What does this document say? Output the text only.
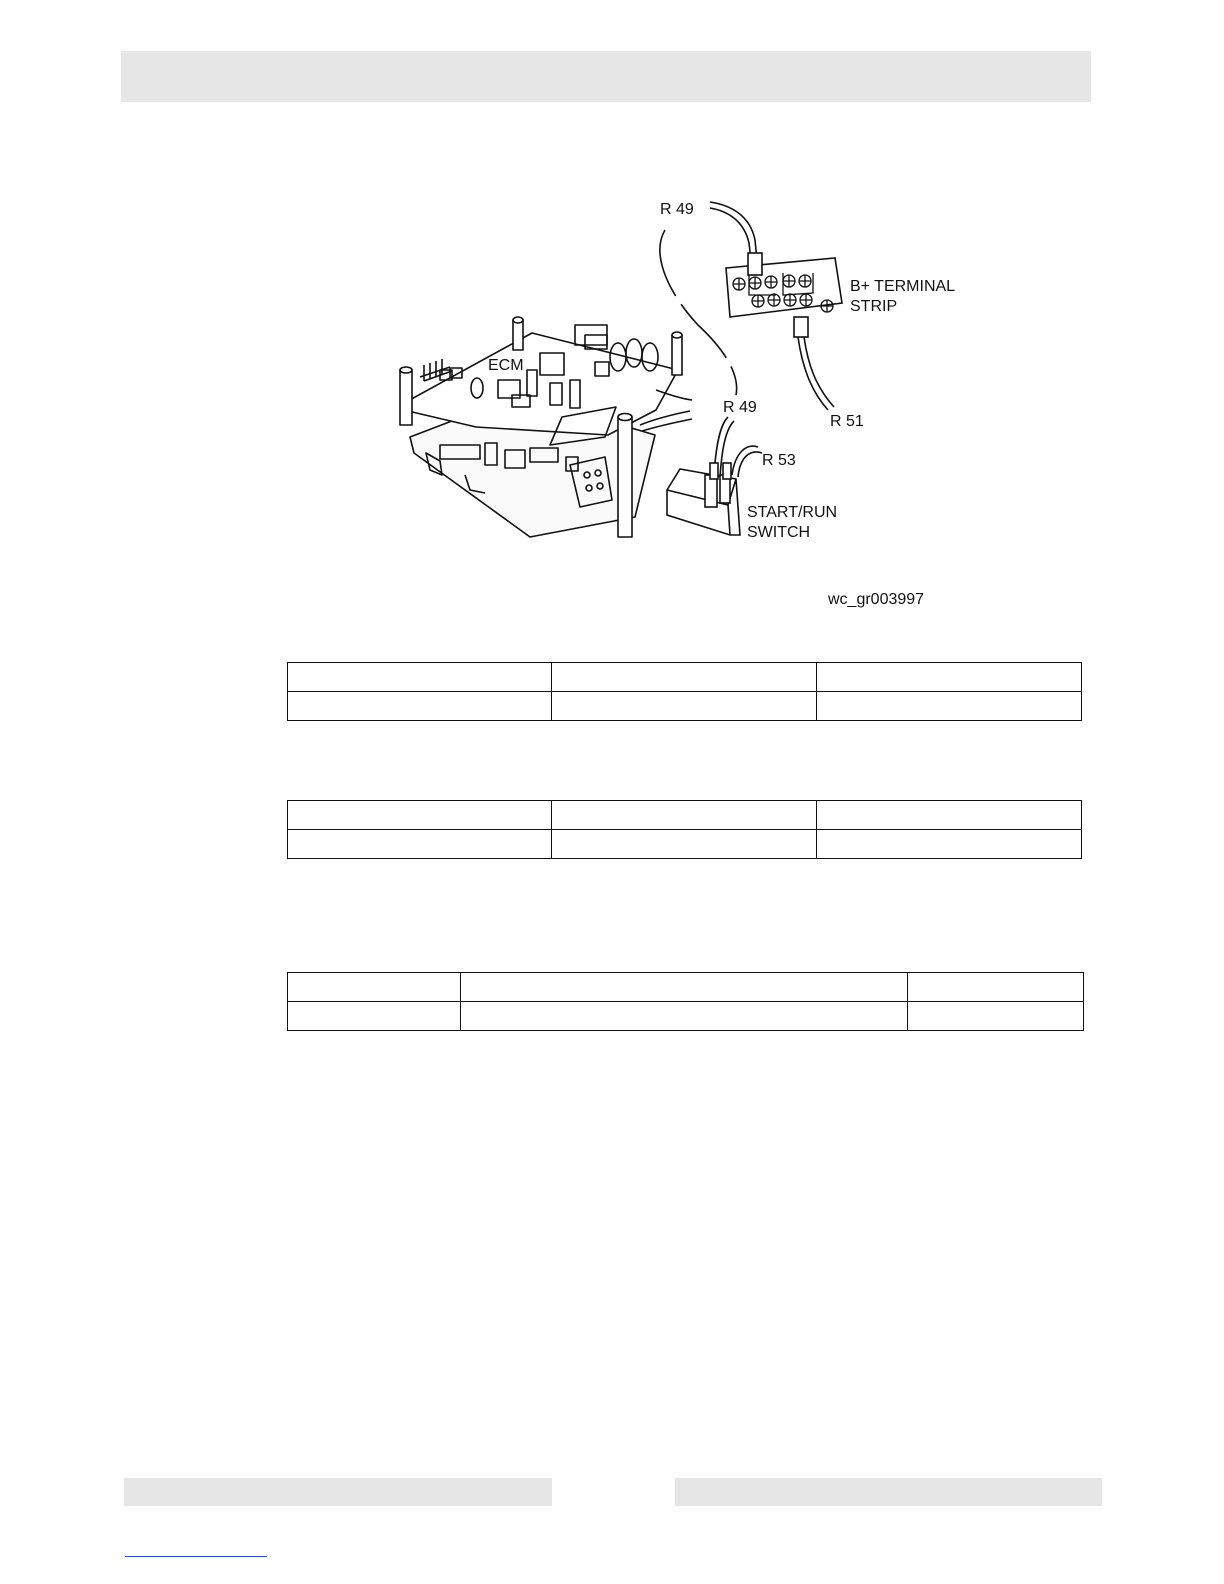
R 49
B+ TERMINAL
STRIP
ECM
R 49
R 51
R 53
START/RUN
SWITCH
wc_gr003997
